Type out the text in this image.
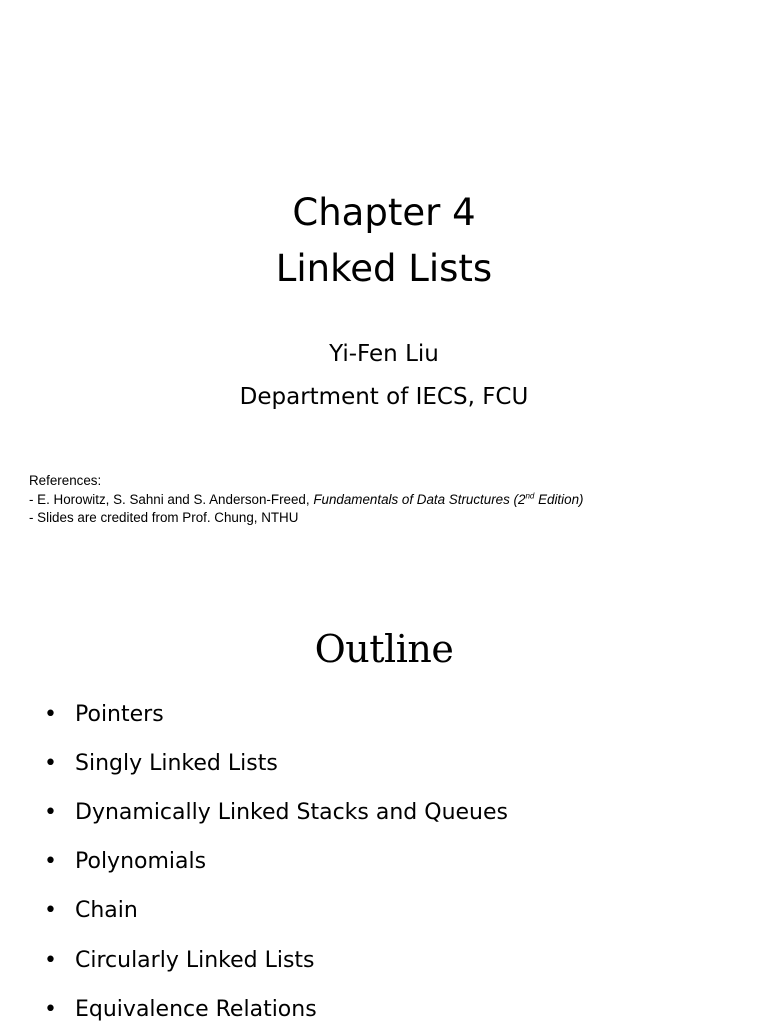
Chapter 4
Linked Lists
Yi-Fen Liu
Department of IECS, FCU
References:
- E. Horowitz, S. Sahni and S. Anderson-Freed, Fundamentals of Data Structures (2nd Edition)
- Slides are credited from Prof. Chung, NTHU
Outline
• Pointers
• Singly Linked Lists
• Dynamically Linked Stacks and Queues
• Polynomials
• Chain
• Circularly Linked Lists
• Equivalence Relations
